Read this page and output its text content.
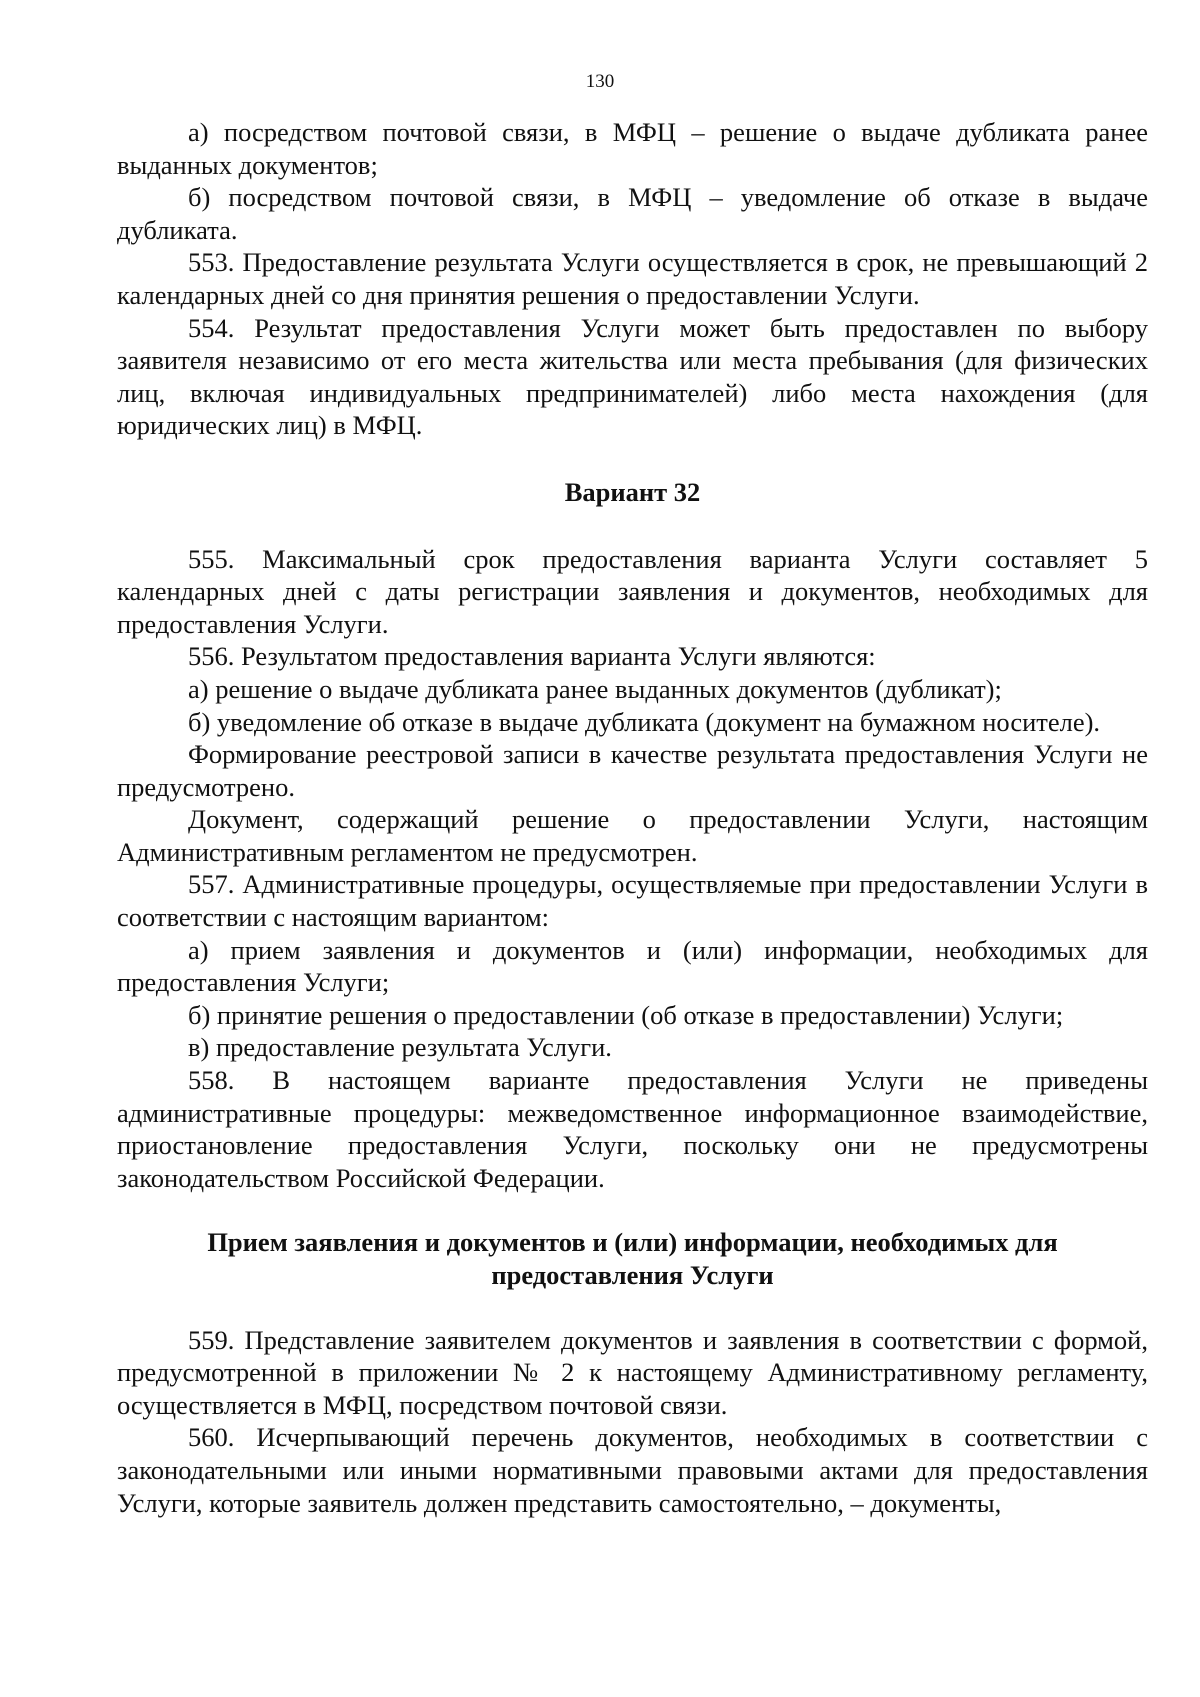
130

а) посредством почтовой связи, в МФЦ – решение о выдаче дубликата ранее выданных документов;

б) посредством почтовой связи, в МФЦ – уведомление об отказе в выдаче дубликата.

553. Предоставление результата Услуги осуществляется в срок, не превышающий 2 календарных дней со дня принятия решения о предоставлении Услуги.

554. Результат предоставления Услуги может быть предоставлен по выбору заявителя независимо от его места жительства или места пребывания (для физических лиц, включая индивидуальных предпринимателей) либо места нахождения (для юридических лиц) в МФЦ.

Вариант 32

555. Максимальный срок предоставления варианта Услуги составляет 5 календарных дней с даты регистрации заявления и документов, необходимых для предоставления Услуги.

556. Результатом предоставления варианта Услуги являются:

а) решение о выдаче дубликата ранее выданных документов (дубликат);

б) уведомление об отказе в выдаче дубликата (документ на бумажном носителе).

Формирование реестровой записи в качестве результата предоставления Услуги не предусмотрено.

Документ, содержащий решение о предоставлении Услуги, настоящим Административным регламентом не предусмотрен.

557. Административные процедуры, осуществляемые при предоставлении Услуги в соответствии с настоящим вариантом:

а) прием заявления и документов и (или) информации, необходимых для предоставления Услуги;

б) принятие решения о предоставлении (об отказе в предоставлении) Услуги;

в) предоставление результата Услуги.

558. В настоящем варианте предоставления Услуги не приведены административные процедуры: межведомственное информационное взаимодействие, приостановление предоставления Услуги, поскольку они не предусмотрены законодательством Российской Федерации.

Прием заявления и документов и (или) информации, необходимых для предоставления Услуги

559. Представление заявителем документов и заявления в соответствии с формой, предусмотренной в приложении № 2 к настоящему Административному регламенту, осуществляется в МФЦ, посредством почтовой связи.

560. Исчерпывающий перечень документов, необходимых в соответствии с законодательными или иными нормативными правовыми актами для предоставления Услуги, которые заявитель должен представить самостоятельно, – документы,
